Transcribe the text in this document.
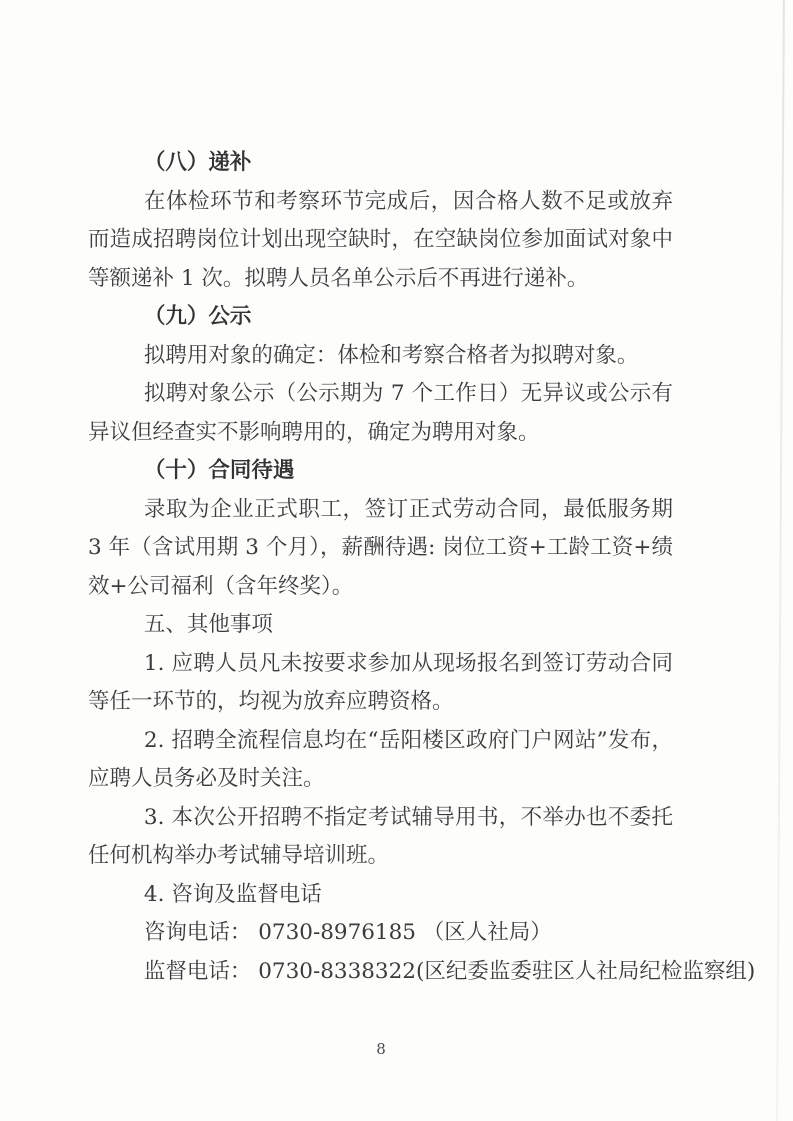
（八）递补

在体检环节和考察环节完成后，因合格人数不足或放弃而造成招聘岗位计划出现空缺时，在空缺岗位参加面试对象中等额递补 1 次。拟聘人员名单公示后不再进行递补。

（九）公示

拟聘用对象的确定：体检和考察合格者为拟聘对象。

拟聘对象公示（公示期为 7 个工作日）无异议或公示有异议但经查实不影响聘用的，确定为聘用对象。

（十）合同待遇

录取为企业正式职工，签订正式劳动合同，最低服务期 3 年（含试用期 3 个月），薪酬待遇: 岗位工资+工龄工资+绩效+公司福利（含年终奖）。

五、其他事项

1. 应聘人员凡未按要求参加从现场报名到签订劳动合同等任一环节的，均视为放弃应聘资格。

2. 招聘全流程信息均在“岳阳楼区政府门户网站”发布，应聘人员务必及时关注。

3. 本次公开招聘不指定考试辅导用书，不举办也不委托任何机构举办考试辅导培训班。

4. 咨询及监督电话

咨询电话： 0730-8976185 （区人社局）

监督电话： 0730-8338322(区纪委监委驻区人社局纪检监察组)

8
